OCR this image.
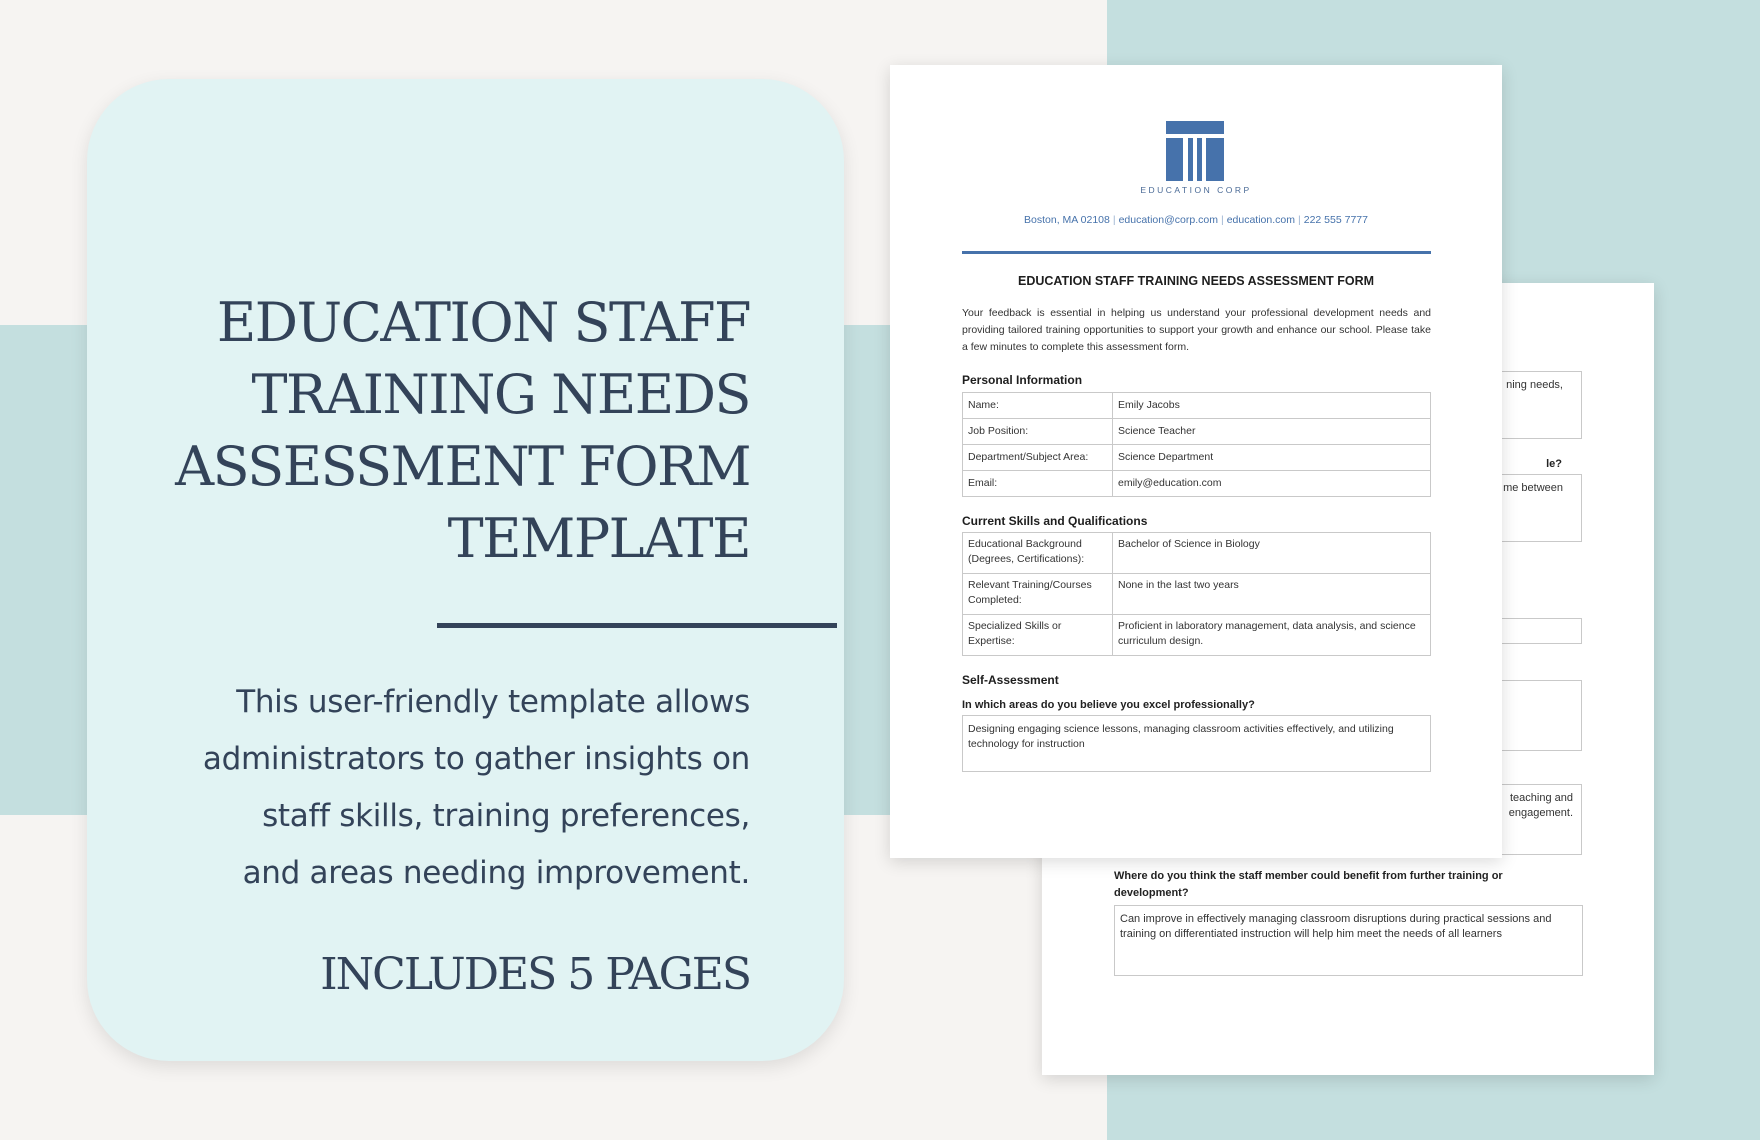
EDUCATION STAFF
TRAINING NEEDS
ASSESSMENT FORM
TEMPLATE
This user-friendly template allows
administrators to gather insights on
staff skills, training preferences,
and areas needing improvement.
INCLUDES 5 PAGES
ning needs,
le?
me between
teaching and
engagement.
Where do you think the staff member could benefit from further training or development?
Can improve in effectively managing classroom disruptions during practical sessions and training on differentiated instruction will help him meet the needs of all learners
EDUCATION CORP
Boston, MA 02108 | education@corp.com | education.com | 222 555 7777
EDUCATION STAFF TRAINING NEEDS ASSESSMENT FORM
Your feedback is essential in helping us understand your professional development needs and providing tailored training opportunities to support your growth and enhance our school. Please take a few minutes to complete this assessment form.
Personal Information
Name:	Emily Jacobs
Job Position:	Science Teacher
Department/Subject Area:	Science Department
Email:	emily@education.com
Current Skills and Qualifications
Educational Background (Degrees, Certifications):	Bachelor of Science in Biology
Relevant Training/Courses Completed:	None in the last two years
Specialized Skills or Expertise:	Proficient in laboratory management, data analysis, and science curriculum design.
Self-Assessment
In which areas do you believe you excel professionally?
Designing engaging science lessons, managing classroom activities effectively, and utilizing technology for instruction
